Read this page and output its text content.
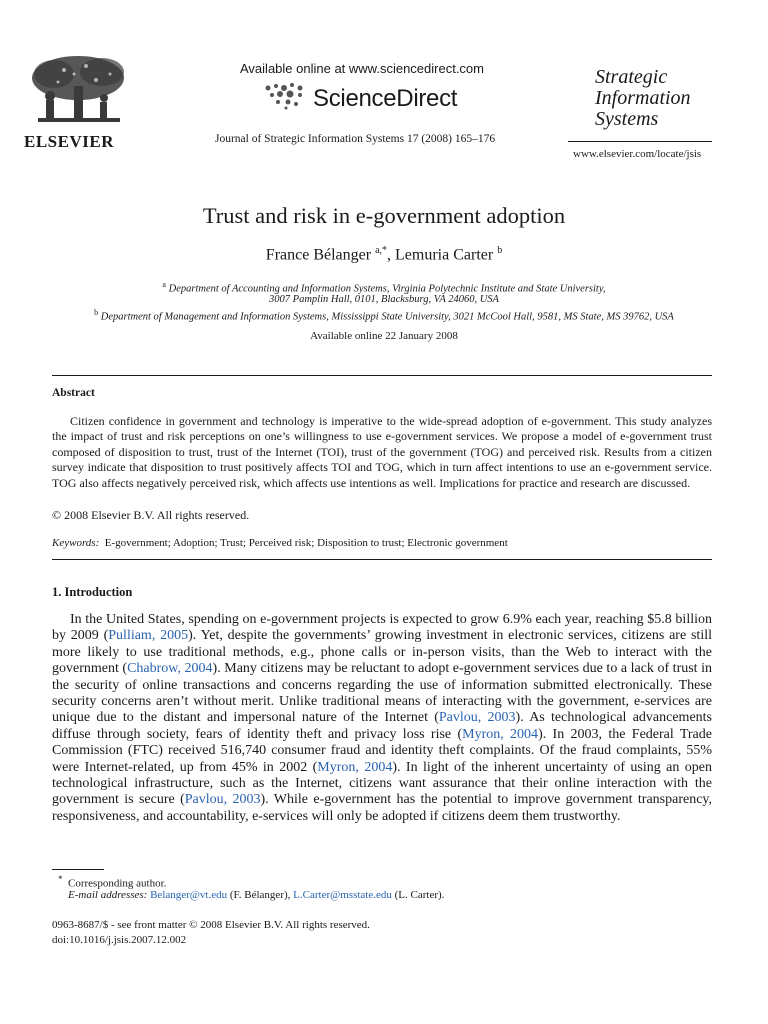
ELSEVIER
Available online at www.sciencedirect.com
ScienceDirect
Journal of Strategic Information Systems 17 (2008) 165–176
Strategic
Information
Systems
www.elsevier.com/locate/jsis
Trust and risk in e-government adoption
France Bélanger $^{a,*}$, Lemuria Carter $^b$
$^a$ Department of Accounting and Information Systems, Virginia Polytechnic Institute and State University,
3007 Pamplin Hall, 0101, Blacksburg, VA 24060, USA
$^b$ Department of Management and Information Systems, Mississippi State University, 3021 McCool Hall, 9581, MS State, MS 39762, USA
Available online 22 January 2008
Abstract

Citizen confidence in government and technology is imperative to the wide-spread adoption of e-government. This study analyzes the impact of trust and risk perceptions on one’s willingness to use e-government services. We propose a model of e-government trust composed of disposition to trust, trust of the Internet (TOI), trust of the government (TOG) and perceived risk. Results from a citizen survey indicate that disposition to trust positively affects TOI and TOG, which in turn affect intentions to use an e-government service. TOG also affects negatively perceived risk, which affects use intentions as well. Implications for practice and research are discussed.

© 2008 Elsevier B.V. All rights reserved.
Keywords: E-government; Adoption; Trust; Perceived risk; Disposition to trust; Electronic government
1. Introduction

In the United States, spending on e-government projects is expected to grow 6.9% each year, reaching $5.8 billion by 2009 (Pulliam, 2005). Yet, despite the governments’ growing investment in electronic services, citizens are still more likely to use traditional methods, e.g., phone calls or in-person visits, than the Web to interact with the government (Chabrow, 2004). Many citizens may be reluctant to adopt e-government services due to a lack of trust in the security of online transactions and concerns regarding the use of information submitted electronically. These security concerns aren’t without merit. Unlike traditional means of interacting with the government, e-services are unique due to the distant and impersonal nature of the Internet (Pavlou, 2003). As technological advancements diffuse through society, fears of identity theft and privacy loss rise (Myron, 2004). In 2003, the Federal Trade Commission (FTC) received 516,740 consumer fraud and identity theft complaints. Of the fraud complaints, 55% were Internet-related, up from 45% in 2002 (Myron, 2004). In light of the inherent uncertainty of using an open technological infrastructure, such as the Internet, citizens want assurance that their online interaction with the government is secure (Pavlou, 2003). While e-government has the potential to improve government transparency, responsiveness, and accountability, e-services will only be adopted if citizens deem them trustworthy.

* Corresponding author.
E-mail addresses: Belanger@vt.edu (F. Bélanger), L.Carter@msstate.edu (L. Carter).
0963-8687/$ - see front matter © 2008 Elsevier B.V. All rights reserved.
doi:10.1016/j.jsis.2007.12.002
